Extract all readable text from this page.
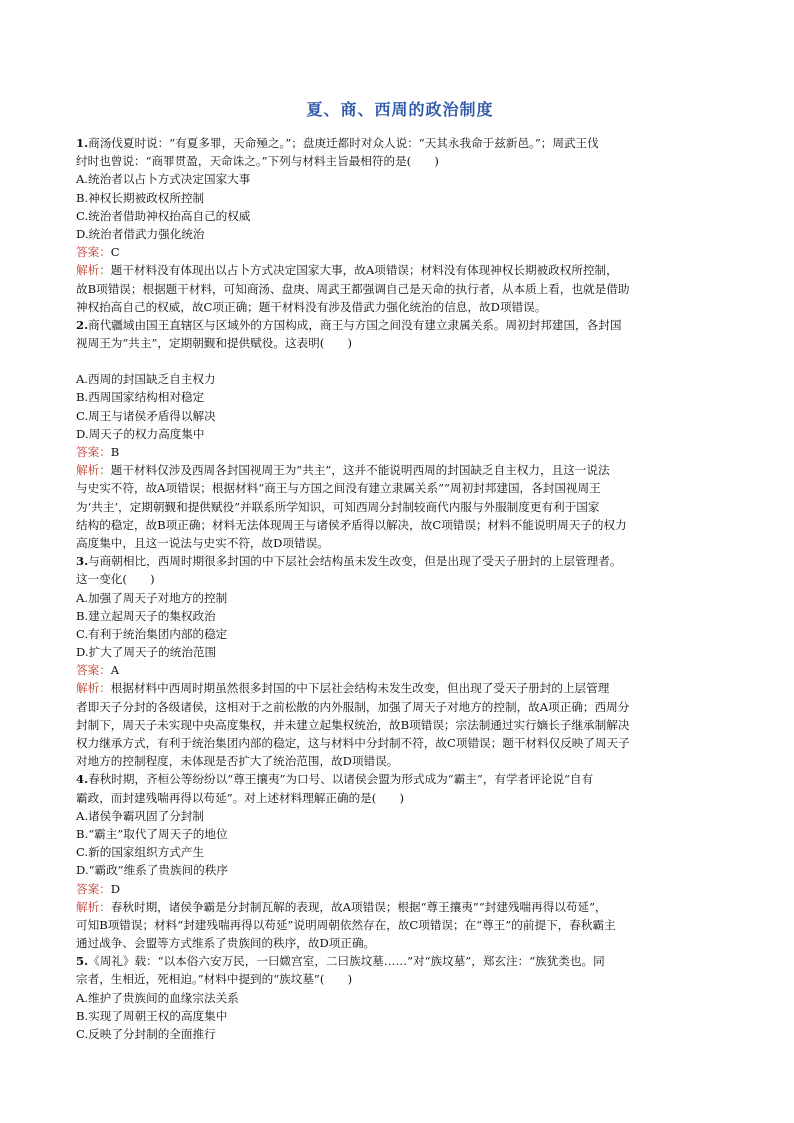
夏、商、西周的政治制度
1.商汤伐夏时说：“有夏多罪，天命殛之。”；盘庚迁都时对众人说：“天其永我命于兹新邑。”；周武王伐
纣时也曾说：“商罪贯盈，天命诛之。”下列与材料主旨最相符的是(　　)
A.统治者以占卜方式决定国家大事
B.神权长期被政权所控制
C.统治者借助神权抬高自己的权威
D.统治者借武力强化统治
答案：C
解析：题干材料没有体现出以占卜方式决定国家大事，故A项错误；材料没有体现神权长期被政权所控制，
故B项错误；根据题干材料，可知商汤、盘庚、周武王都强调自己是天命的执行者，从本质上看，也就是借助
神权抬高自己的权威，故C项正确；题干材料没有涉及借武力强化统治的信息，故D项错误。
2.商代疆域由国王直辖区与区域外的方国构成，商王与方国之间没有建立隶属关系。周初封邦建国，各封国
视周王为“共主”，定期朝觐和提供赋役。这表明(　　)
A.西周的封国缺乏自主权力
B.西周国家结构相对稳定
C.周王与诸侯矛盾得以解决
D.周天子的权力高度集中
答案：B
解析：题干材料仅涉及西周各封国视周王为“共主”，这并不能说明西周的封国缺乏自主权力，且这一说法
与史实不符，故A项错误；根据材料“商王与方国之间没有建立隶属关系”“周初封邦建国，各封国视周王
为‘共主’，定期朝觐和提供赋役”并联系所学知识，可知西周分封制较商代内服与外服制度更有利于国家
结构的稳定，故B项正确；材料无法体现周王与诸侯矛盾得以解决，故C项错误；材料不能说明周天子的权力
高度集中，且这一说法与史实不符，故D项错误。
3.与商朝相比，西周时期很多封国的中下层社会结构虽未发生改变，但是出现了受天子册封的上层管理者。
这一变化(　　)
A.加强了周天子对地方的控制
B.建立起周天子的集权政治
C.有利于统治集团内部的稳定
D.扩大了周天子的统治范围
答案：A
解析：根据材料中西周时期虽然很多封国的中下层社会结构未发生改变，但出现了受天子册封的上层管理
者即天子分封的各级诸侯，这相对于之前松散的内外服制，加强了周天子对地方的控制，故A项正确；西周分
封制下，周天子未实现中央高度集权，并未建立起集权统治，故B项错误；宗法制通过实行嫡长子继承制解决
权力继承方式，有利于统治集团内部的稳定，这与材料中分封制不符，故C项错误；题干材料仅反映了周天子
对地方的控制程度，未体现是否扩大了统治范围，故D项错误。
4.春秋时期，齐桓公等纷纷以“尊王攘夷”为口号、以诸侯会盟为形式成为“霸主”，有学者评论说“自有
霸政，而封建残喘再得以苟延”。对上述材料理解正确的是(　　)
A.诸侯争霸巩固了分封制
B.“霸主”取代了周天子的地位
C.新的国家组织方式产生
D.“霸政”维系了贵族间的秩序
答案：D
解析：春秋时期，诸侯争霸是分封制瓦解的表现，故A项错误；根据“尊王攘夷”“封建残喘再得以苟延”，
可知B项错误；材料“封建残喘再得以苟延”说明周朝依然存在，故C项错误；在“尊王”的前提下，春秋霸主
通过战争、会盟等方式维系了贵族间的秩序，故D项正确。
5.《周礼》载：“以本俗六安万民，一曰媺宫室，二曰族坟墓……”对“族坟墓”，郑玄注：“族犹类也。同
宗者，生相近，死相迫。”材料中提到的“族坟墓”(　　)
A.维护了贵族间的血缘宗法关系
B.实现了周朝王权的高度集中
C.反映了分封制的全面推行
